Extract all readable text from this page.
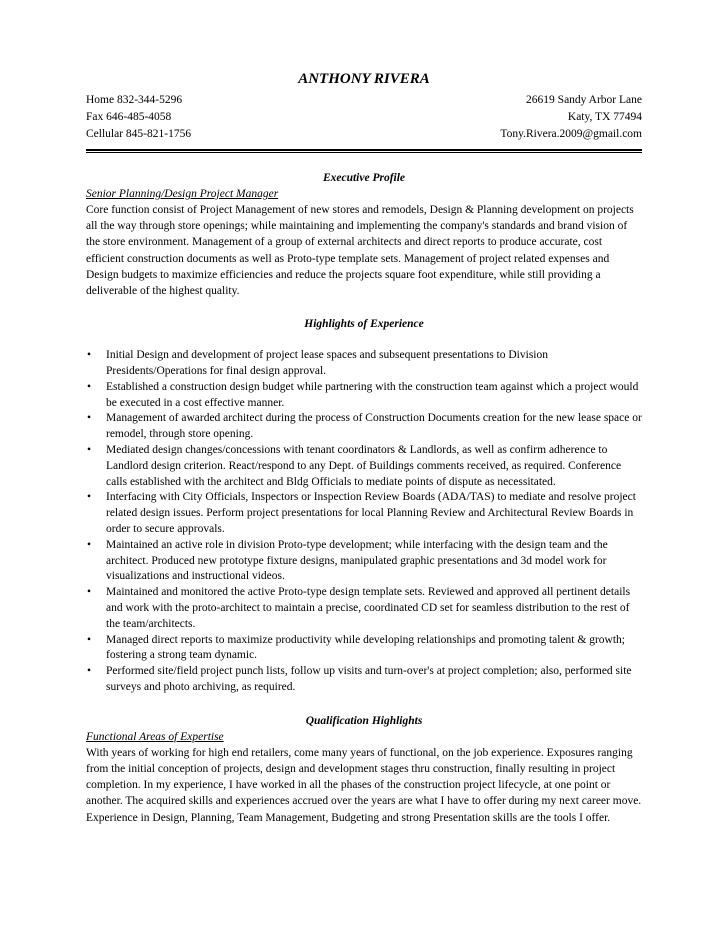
ANTHONY RIVERA
Home 832-344-5296
Fax 646-485-4058
Cellular 845-821-1756
26619 Sandy Arbor Lane
Katy, TX 77494
Tony.Rivera.2009@gmail.com
Executive Profile
Senior Planning/Design Project Manager
Core function consist of Project Management of new stores and remodels, Design & Planning development on projects all the way through store openings; while maintaining and implementing the company's standards and brand vision of the store environment. Management of a group of external architects and direct reports to produce accurate, cost efficient construction documents as well as Proto-type template sets. Management of project related expenses and Design budgets to maximize efficiencies and reduce the projects square foot expenditure, while still providing a deliverable of the highest quality.
Highlights of Experience
• Initial Design and development of project lease spaces and subsequent presentations to Division Presidents/Operations for final design approval.
• Established a construction design budget while partnering with the construction team against which a project would be executed in a cost effective manner.
• Management of awarded architect during the process of Construction Documents creation for the new lease space or remodel, through store opening.
• Mediated design changes/concessions with tenant coordinators & Landlords, as well as confirm adherence to Landlord design criterion. React/respond to any Dept. of Buildings comments received, as required. Conference calls established with the architect and Bldg Officials to mediate points of dispute as necessitated.
• Interfacing with City Officials, Inspectors or Inspection Review Boards (ADA/TAS) to mediate and resolve project related design issues. Perform project presentations for local Planning Review and Architectural Review Boards in order to secure approvals.
• Maintained an active role in division Proto-type development; while interfacing with the design team and the architect. Produced new prototype fixture designs, manipulated graphic presentations and 3d model work for visualizations and instructional videos.
• Maintained and monitored the active Proto-type design template sets. Reviewed and approved all pertinent details and work with the proto-architect to maintain a precise, coordinated CD set for seamless distribution to the rest of the team/architects.
• Managed direct reports to maximize productivity while developing relationships and promoting talent & growth; fostering a strong team dynamic.
• Performed site/field project punch lists, follow up visits and turn-over's at project completion; also, performed site surveys and photo archiving, as required.
Qualification Highlights
Functional Areas of Expertise
With years of working for high end retailers, come many years of functional, on the job experience. Exposures ranging from the initial conception of projects, design and development stages thru construction, finally resulting in project completion. In my experience, I have worked in all the phases of the construction project lifecycle, at one point or another. The acquired skills and experiences accrued over the years are what I have to offer during my next career move. Experience in Design, Planning, Team Management, Budgeting and strong Presentation skills are the tools I offer.
